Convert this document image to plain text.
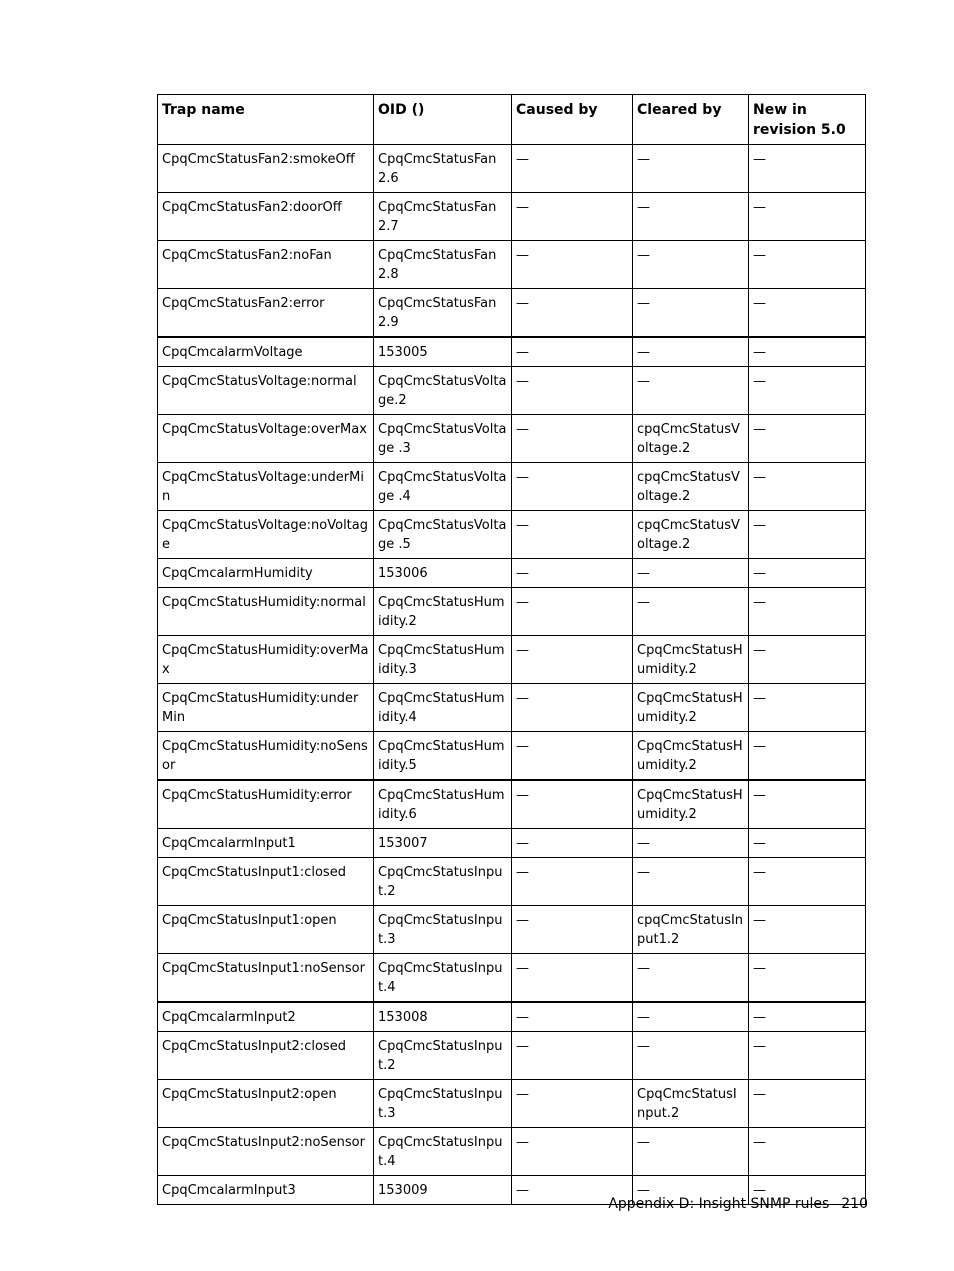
Trap name	OID ()	Caused by	Cleared by	New in revision 5.0
CpqCmcStatusFan2:smokeOff	CpqCmcStatusFan2.6	—	—	—
CpqCmcStatusFan2:doorOff	CpqCmcStatusFan2.7	—	—	—
CpqCmcStatusFan2:noFan	CpqCmcStatusFan2.8	—	—	—
CpqCmcStatusFan2:error	CpqCmcStatusFan2.9	—	—	—
CpqCmcalarmVoltage	153005	—	—	—
CpqCmcStatusVoltage:normal	CpqCmcStatusVoltage.2	—	—	—
CpqCmcStatusVoltage:overMax	CpqCmcStatusVoltage .3	—	cpqCmcStatusVoltage.2	—
CpqCmcStatusVoltage:underMin	CpqCmcStatusVoltage .4	—	cpqCmcStatusVoltage.2	—
CpqCmcStatusVoltage:noVoltage	CpqCmcStatusVoltage .5	—	cpqCmcStatusVoltage.2	—
CpqCmcalarmHumidity	153006	—	—	—
CpqCmcStatusHumidity:normal	CpqCmcStatusHumidity.2	—	—	—
CpqCmcStatusHumidity:overMax	CpqCmcStatusHumidity.3	—	CpqCmcStatusHumidity.2	—
CpqCmcStatusHumidity:underMin	CpqCmcStatusHumidity.4	—	CpqCmcStatusHumidity.2	—
CpqCmcStatusHumidity:noSensor	CpqCmcStatusHumidity.5	—	CpqCmcStatusHumidity.2	—
CpqCmcStatusHumidity:error	CpqCmcStatusHumidity.6	—	CpqCmcStatusHumidity.2	—
CpqCmcalarmInput1	153007	—	—	—
CpqCmcStatusInput1:closed	CpqCmcStatusInput.2	—	—	—
CpqCmcStatusInput1:open	CpqCmcStatusInput.3	—	cpqCmcStatusInput1.2	—
CpqCmcStatusInput1:noSensor	CpqCmcStatusInput.4	—	—	—
CpqCmcalarmInput2	153008	—	—	—
CpqCmcStatusInput2:closed	CpqCmcStatusInput.2	—	—	—
CpqCmcStatusInput2:open	CpqCmcStatusInput.3	—	CpqCmcStatusInput.2	—
CpqCmcStatusInput2:noSensor	CpqCmcStatusInput.4	—	—	—
CpqCmcalarmInput3	153009	—	—	—
Appendix D: Insight SNMP rules 210
